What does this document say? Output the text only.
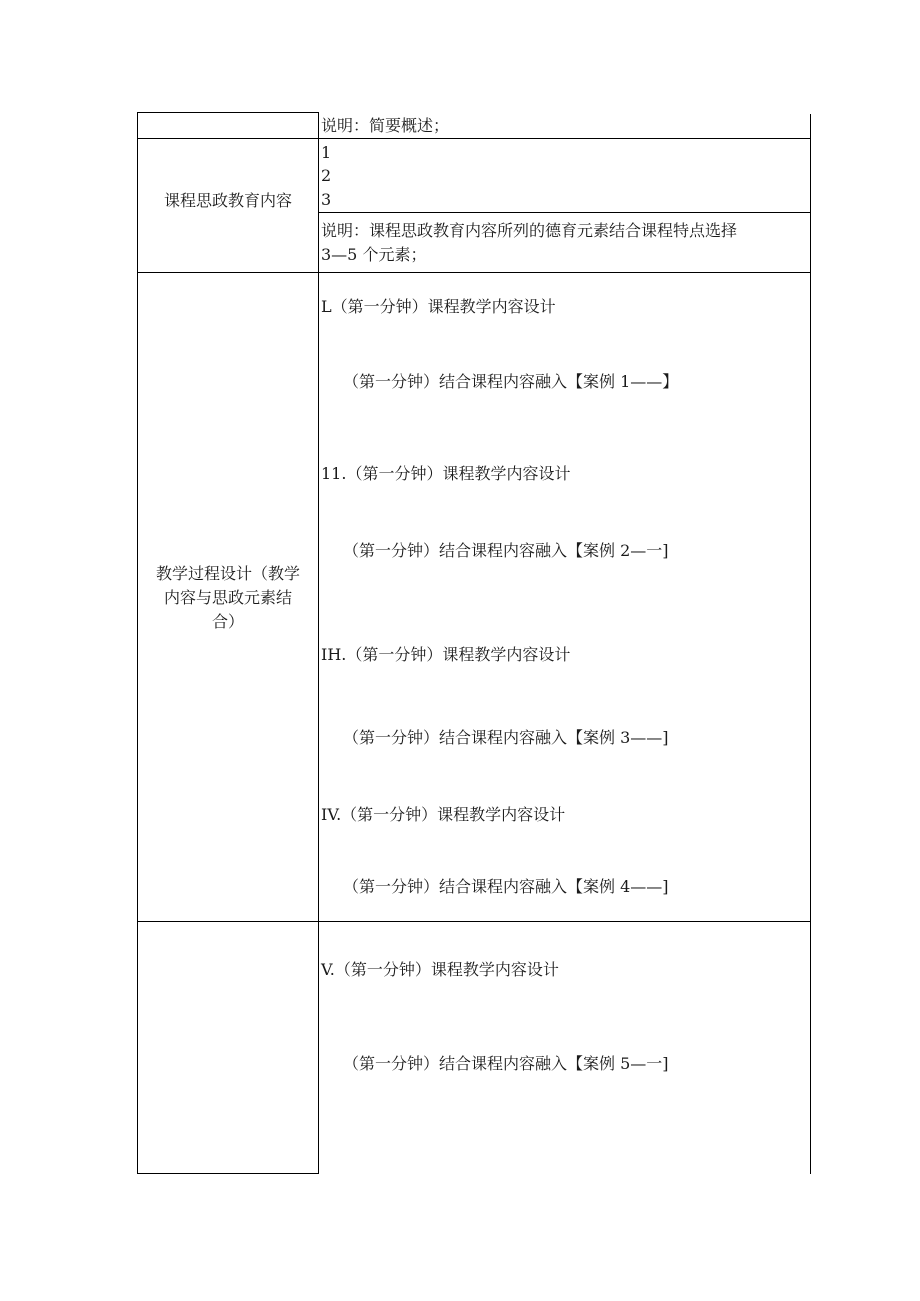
说明：简要概述；
课程思政教育内容
1
2
3
说明：课程思政教育内容所列的德育元素结合课程特点选择
3—5 个元素；
教学过程设计（教学
内容与思政元素结
合）
L（第一分钟）课程教学内容设计
（第一分钟）结合课程内容融入【案例 1——】
11.（第一分钟）课程教学内容设计
（第一分钟）结合课程内容融入【案例 2—一]
IH.（第一分钟）课程教学内容设计
（第一分钟）结合课程内容融入【案例 3——]
IV.（第一分钟）课程教学内容设计
（第一分钟）结合课程内容融入【案例 4——]
V.（第一分钟）课程教学内容设计
（第一分钟）结合课程内容融入【案例 5—一]
